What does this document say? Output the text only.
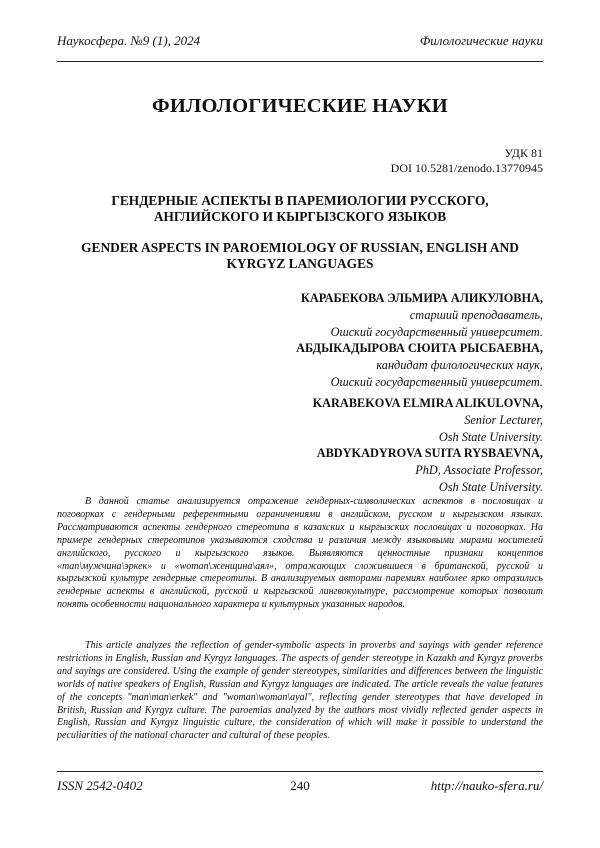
Наукосфера. №9 (1), 2024	Филологические науки
ФИЛОЛОГИЧЕСКИЕ НАУКИ
УДК 81
DOI 10.5281/zenodo.13770945
ГЕНДЕРНЫЕ АСПЕКТЫ В ПАРЕМИОЛОГИИ РУССКОГО,
АНГЛИЙСКОГО И КЫРГЫЗСКОГО ЯЗЫКОВ
GENDER ASPECTS IN PAROEMIOLOGY OF RUSSIAN, ENGLISH AND
KYRGYZ LANGUAGES
КАРАБЕКОВА ЭЛЬМИРА АЛИКУЛОВНА,
старший преподаватель,
Ошский государственный университет.
АБДЫКАДЫРОВА СЮИТА РЫСБАЕВНА,
кандидат филологических наук,
Ошский государственный университет.
KARABEKOVA ELMIRA ALIKULOVNA,
Senior Lecturer,
Osh State University.
ABDYKADYROVA SUITA RYSBAEVNA,
PhD, Associate Professor,
Osh State University.

В данной статье анализируется отражение гендерных-символических аспектов в пословицах и поговорках с гендерными референтными ограничениями в английском, русском и кыргызском языках. Рассматриваются аспекты гендерного стереотипа в казахских и кыргызских пословицах и поговорках. На примере гендерных стереотипов указываются сходства и различия между языковыми мирами носителей английского, русского и кыргызского языков. Выявляются ценностные признаки концептов «man\мужчина\эркек» и «woman\женщина\аял», отражающих сложившиеся в британской, русской и кыргызской культуре гендерные стереотипы. В анализируемых авторами паремиях наиболее ярко отразились гендерные аспекты в английской, русской и кыргызской лингвокультуре, рассмотрение которых позволит понять особенности национального характера и культурных указанных народов.

This article analyzes the reflection of gender-symbolic aspects in proverbs and sayings with gender reference restrictions in English, Russian and Kyrgyz languages. The aspects of gender stereotype in Kazakh and Kyrgyz proverbs and sayings are considered. Using the example of gender stereotypes, similarities and differences between the linguistic worlds of native speakers of English, Russian and Kyrgyz languages are indicated. The article reveals the value features of the concepts "man\man\erkek" and "woman\woman\ayal", reflecting gender stereotypes that have developed in British, Russian and Kyrgyz culture. The paroemias analyzed by the authors most vividly reflected gender aspects in English, Russian and Kyrgyz linguistic culture, the consideration of which will make it possible to understand the peculiarities of the national character and cultural of these peoples.

ISSN 2542-0402	240	http://nauko-sfera.ru/
